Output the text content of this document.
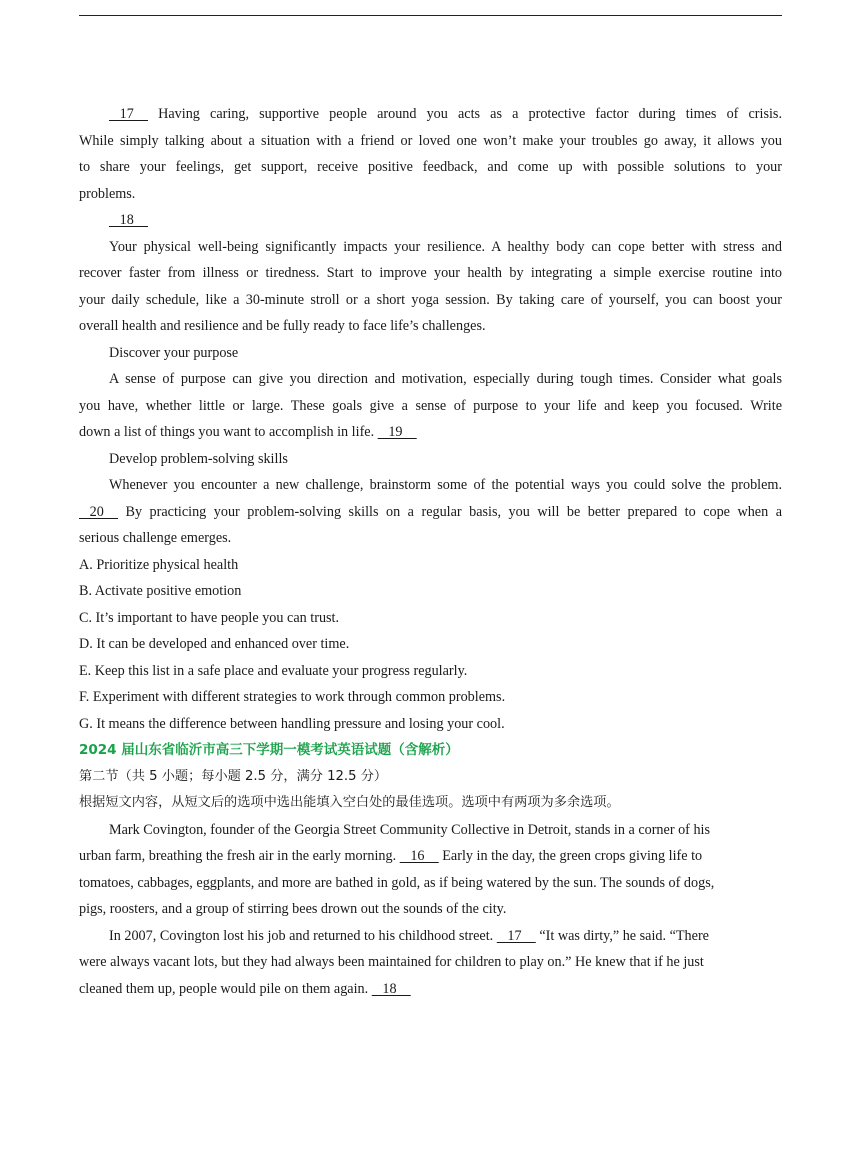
17     Having caring, supportive people around you acts as a protective factor during times of crisis.
While simply talking about a situation with a friend or loved one won’t make your troubles go away, it allows you
to share your feelings, get support, receive positive feedback, and come up with possible solutions to your
problems.
18
Your physical well-being significantly impacts your resilience. A healthy body can cope better with stress and
recover faster from illness or tiredness. Start to improve your health by integrating a simple exercise routine into
your daily schedule, like a 30-minute stroll or a short yoga session. By taking care of yourself, you can boost your
overall health and resilience and be fully ready to face life’s challenges.
Discover your purpose
A sense of purpose can give you direction and motivation, especially during tough times. Consider what goals
you have, whether little or large. These goals give a sense of purpose to your life and keep you focused. Write
down a list of things you want to accomplish in life.    19
Develop problem-solving skills
Whenever you encounter a new challenge, brainstorm some of the potential ways you could solve the problem.
20     By practicing your problem-solving skills on a regular basis, you will be better prepared to cope when a
serious challenge emerges.
A. Prioritize physical health
B. Activate positive emotion
C. It’s important to have people you can trust.
D. It can be developed and enhanced over time.
E. Keep this list in a safe place and evaluate your progress regularly.
F. Experiment with different strategies to work through common problems.
G. It means the difference between handling pressure and losing your cool.
2024 届山东省临沂市高三下学期一模考试英语试题（含解析）
第二节（共 5 小题；每小题 2.5 分，满分 12.5 分）
根据短文内容，从短文后的选项中选出能填入空白处的最佳选项。选项中有两项为多余选项。
Mark Covington, founder of the Georgia Street Community Collective in Detroit, stands in a corner of his
urban farm, breathing the fresh air in the early morning.    16     Early in the day, the green crops giving life to
tomatoes, cabbages, eggplants, and more are bathed in gold, as if being watered by the sun. The sounds of dogs,
pigs, roosters, and a group of stirring bees drown out the sounds of the city.
In 2007, Covington lost his job and returned to his childhood street.    17     “It was dirty,” he said. “There
were always vacant lots, but they had always been maintained for children to play on.” He knew that if he just
cleaned them up, people would pile on them again.    18
